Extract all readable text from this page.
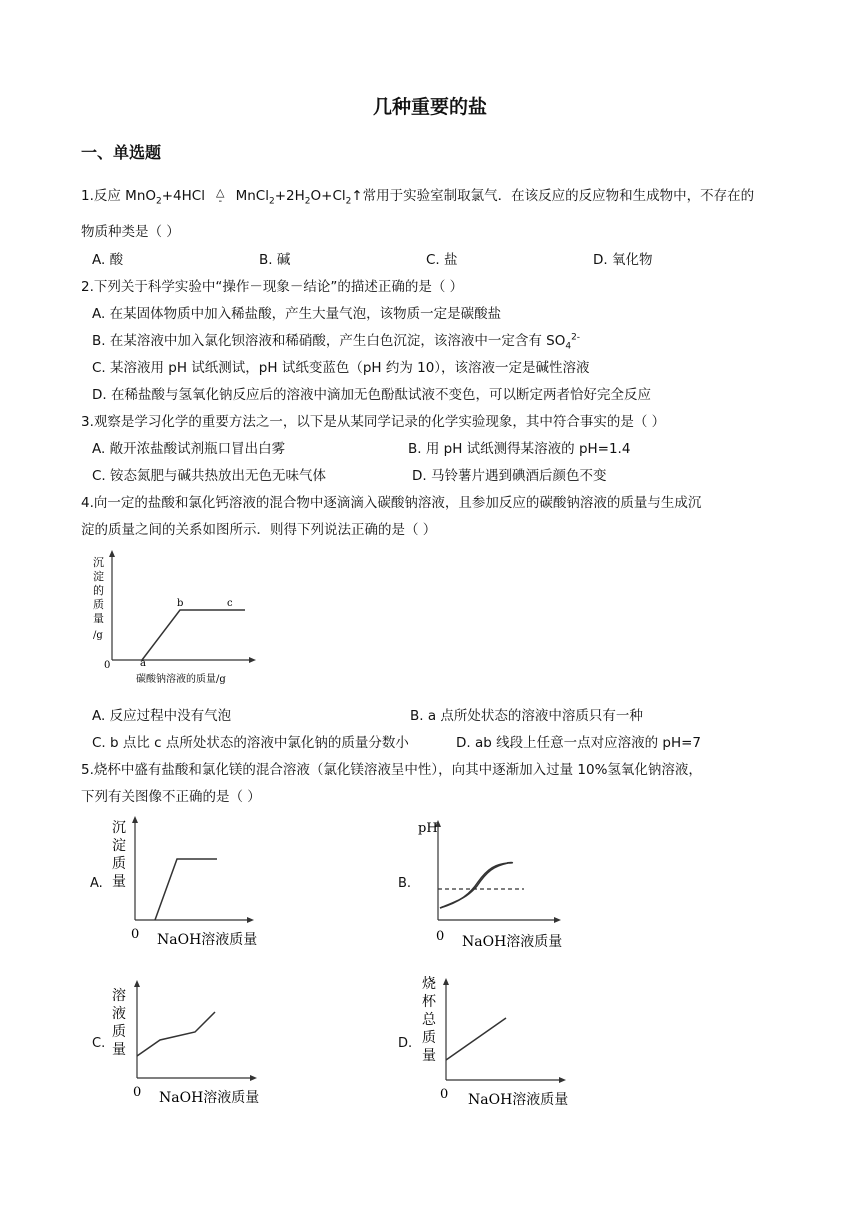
几种重要的盐
一、单选题
1.反应 MnO$_2$+4HCl	△
-	$MnCl_2+2H_2O+Cl_2↑$常用于实验室制取氯气．在该反应的反应物和生成物中，不存在的
物质种类是（ ）
A. 酸	B. 碱	C. 盐	D. 氧化物
2.下列关于科学实验中“操作－现象－结论”的描述正确的是（ ）
A. 在某固体物质中加入稀盐酸，产生大量气泡，该物质一定是碳酸盐
B. 在某溶液中加入氯化钡溶液和稀硝酸，产生白色沉淀，该溶液中一定含有 $SO_4^{2-}$
C. 某溶液用 pH 试纸测试，pH 试纸变蓝色（pH 约为 10），该溶液一定是碱性溶液
D. 在稀盐酸与氢氧化钠反应后的溶液中滴加无色酚酞试液不变色，可以断定两者恰好完全反应
3.观察是学习化学的重要方法之一，以下是从某同学记录的化学实验现象，其中符合事实的是（ ）
A. 敞开浓盐酸试剂瓶口冒出白雾	B. 用 pH 试纸测得某溶液的 pH=1.4
C. 铵态氮肥与碱共热放出无色无味气体	D. 马铃薯片遇到碘酒后颜色不变
4.向一定的盐酸和氯化钙溶液的混合物中逐滴滴入碳酸钠溶液，且参加反应的碳酸钠溶液的质量与生成沉
淀的质量之间的关系如图所示．则得下列说法正确的是（ ）
沉
淀
的
质
量
/g
0	a
b	c
碳酸钠溶液的质量/g
A. 反应过程中没有气泡	B. a 点所处状态的溶液中溶质只有一种
C. b 点比 c 点所处状态的溶液中氯化钠的质量分数小	D. ab 线段上任意一点对应溶液的 pH=7
5.烧杯中盛有盐酸和氯化镁的混合溶液（氯化镁溶液呈中性），向其中逐渐加入过量 10%氢氧化钠溶液，
下列有关图像不正确的是（ ）
A.
沉
淀
质
量
0 NaOH溶液质量
B.
pH
0 NaOH溶液质量
C.
溶
液
质
量
0 NaOH溶液质量
D.
烧
杯
总
质
量
0 NaOH溶液质量
